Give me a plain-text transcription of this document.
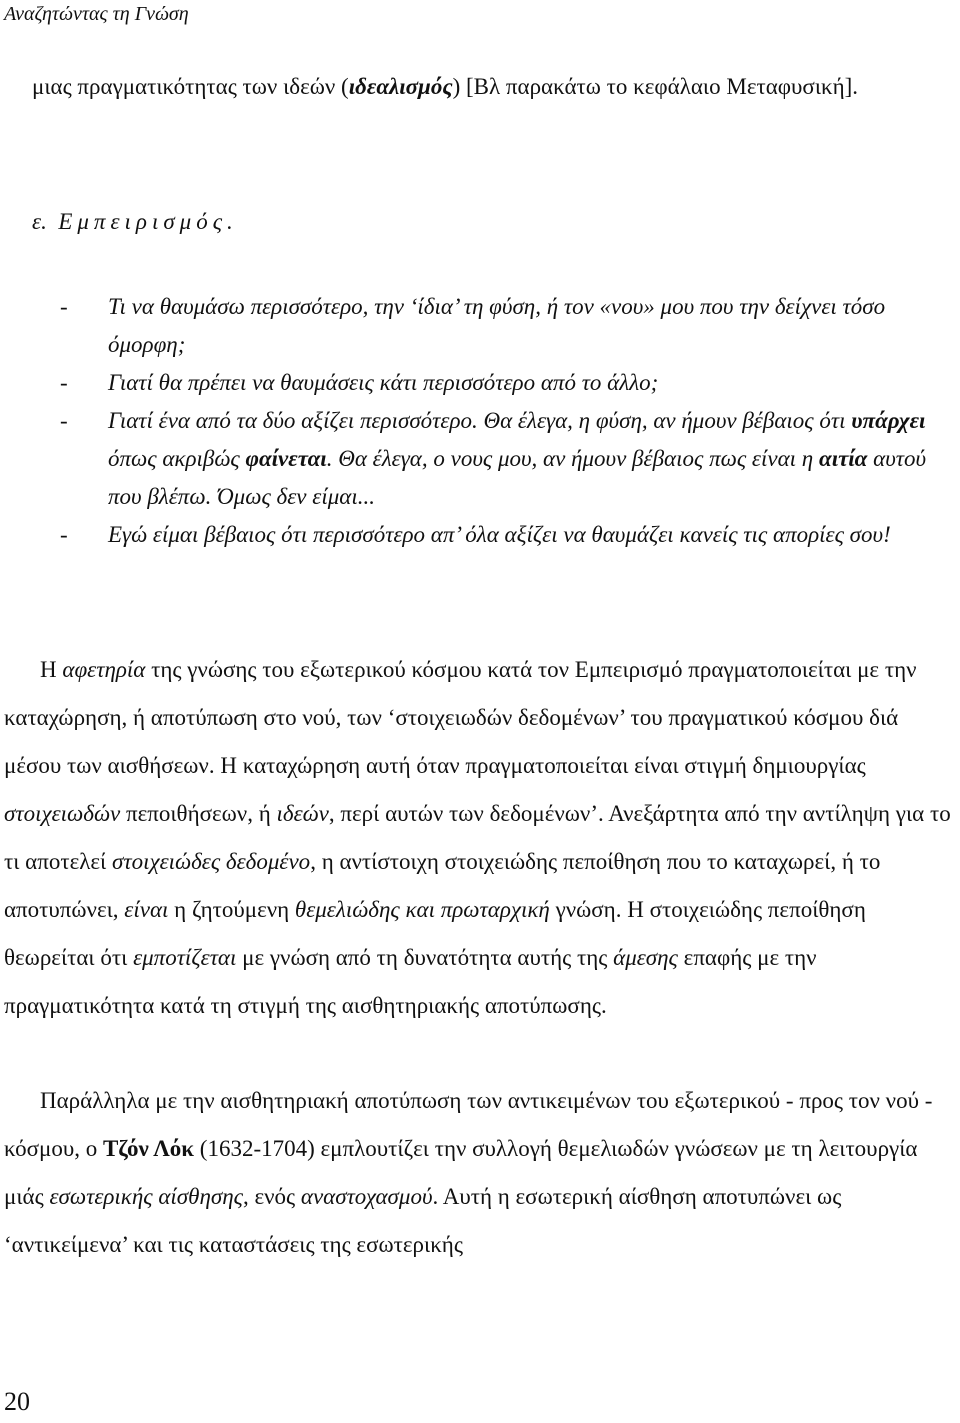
Αναζητώντας τη Γνώση

μιας πραγματικότητας των ιδεών (ιδεαλισμός) [Βλ παρακάτω το κεφάλαιο Μεταφυσική].

ε. Εμπειρισμός.
- Τι να θαυμάσω περισσότερο, την ‘ίδια’ τη φύση, ή τον «νου» μου που την δείχνει τόσο όμορφη;
- Γιατί θα πρέπει να θαυμάσεις κάτι περισσότερο από το άλλο;
- Γιατί ένα από τα δύο αξίζει περισσότερο. Θα έλεγα, η φύση, αν ήμουν βέβαιος ότι υπάρχει όπως ακριβώς φαίνεται. Θα έλεγα, ο νους μου, αν ήμουν βέβαιος πως είναι η αιτία αυτού που βλέπω. Όμως δεν είμαι...
- Εγώ είμαι βέβαιος ότι περισσότερο απ’ όλα αξίζει να θαυμάζει κανείς τις απορίες σου!

Η αφετηρία της γνώσης του εξωτερικού κόσμου κατά τον Εμπειρισμό πραγματοποιείται με την καταχώρηση, ή αποτύπωση στο νού, των ‘στοιχειωδών δεδομένων’ του πραγματικού κόσμου διά μέσου των αισθήσεων. Η καταχώρηση αυτή όταν πραγματοποιείται είναι στιγμή δημιουργίας στοιχειωδών πεποιθήσεων, ή ιδεών, περί αυτών των δεδομένων’. Ανεξάρτητα από την αντίληψη για το τι αποτελεί στοιχειώδες δεδομένο, η αντίστοιχη στοιχειώδης πεποίθηση που το καταχωρεί, ή το αποτυπώνει, είναι η ζητούμενη θεμελιώδης και πρωταρχική γνώση. Η στοιχειώδης πεποίθηση θεωρείται ότι εμποτίζεται με γνώση από τη δυνατότητα αυτής της άμεσης επαφής με την πραγματικότητα κατά τη στιγμή της αισθητηριακής αποτύπωσης.

Παράλληλα με την αισθητηριακή αποτύπωση των αντικειμένων του εξωτερικού - προς τον νού - κόσμου, ο Τζόν Λόκ (1632-1704) εμπλουτίζει την συλλογή θεμελιωδών γνώσεων με τη λειτουργία μιάς εσωτερικής αίσθησης, ενός αναστοχασμού. Αυτή η εσωτερική αίσθηση αποτυπώνει ως ‘αντικείμενα’ και τις καταστάσεις της εσωτερικής

20
